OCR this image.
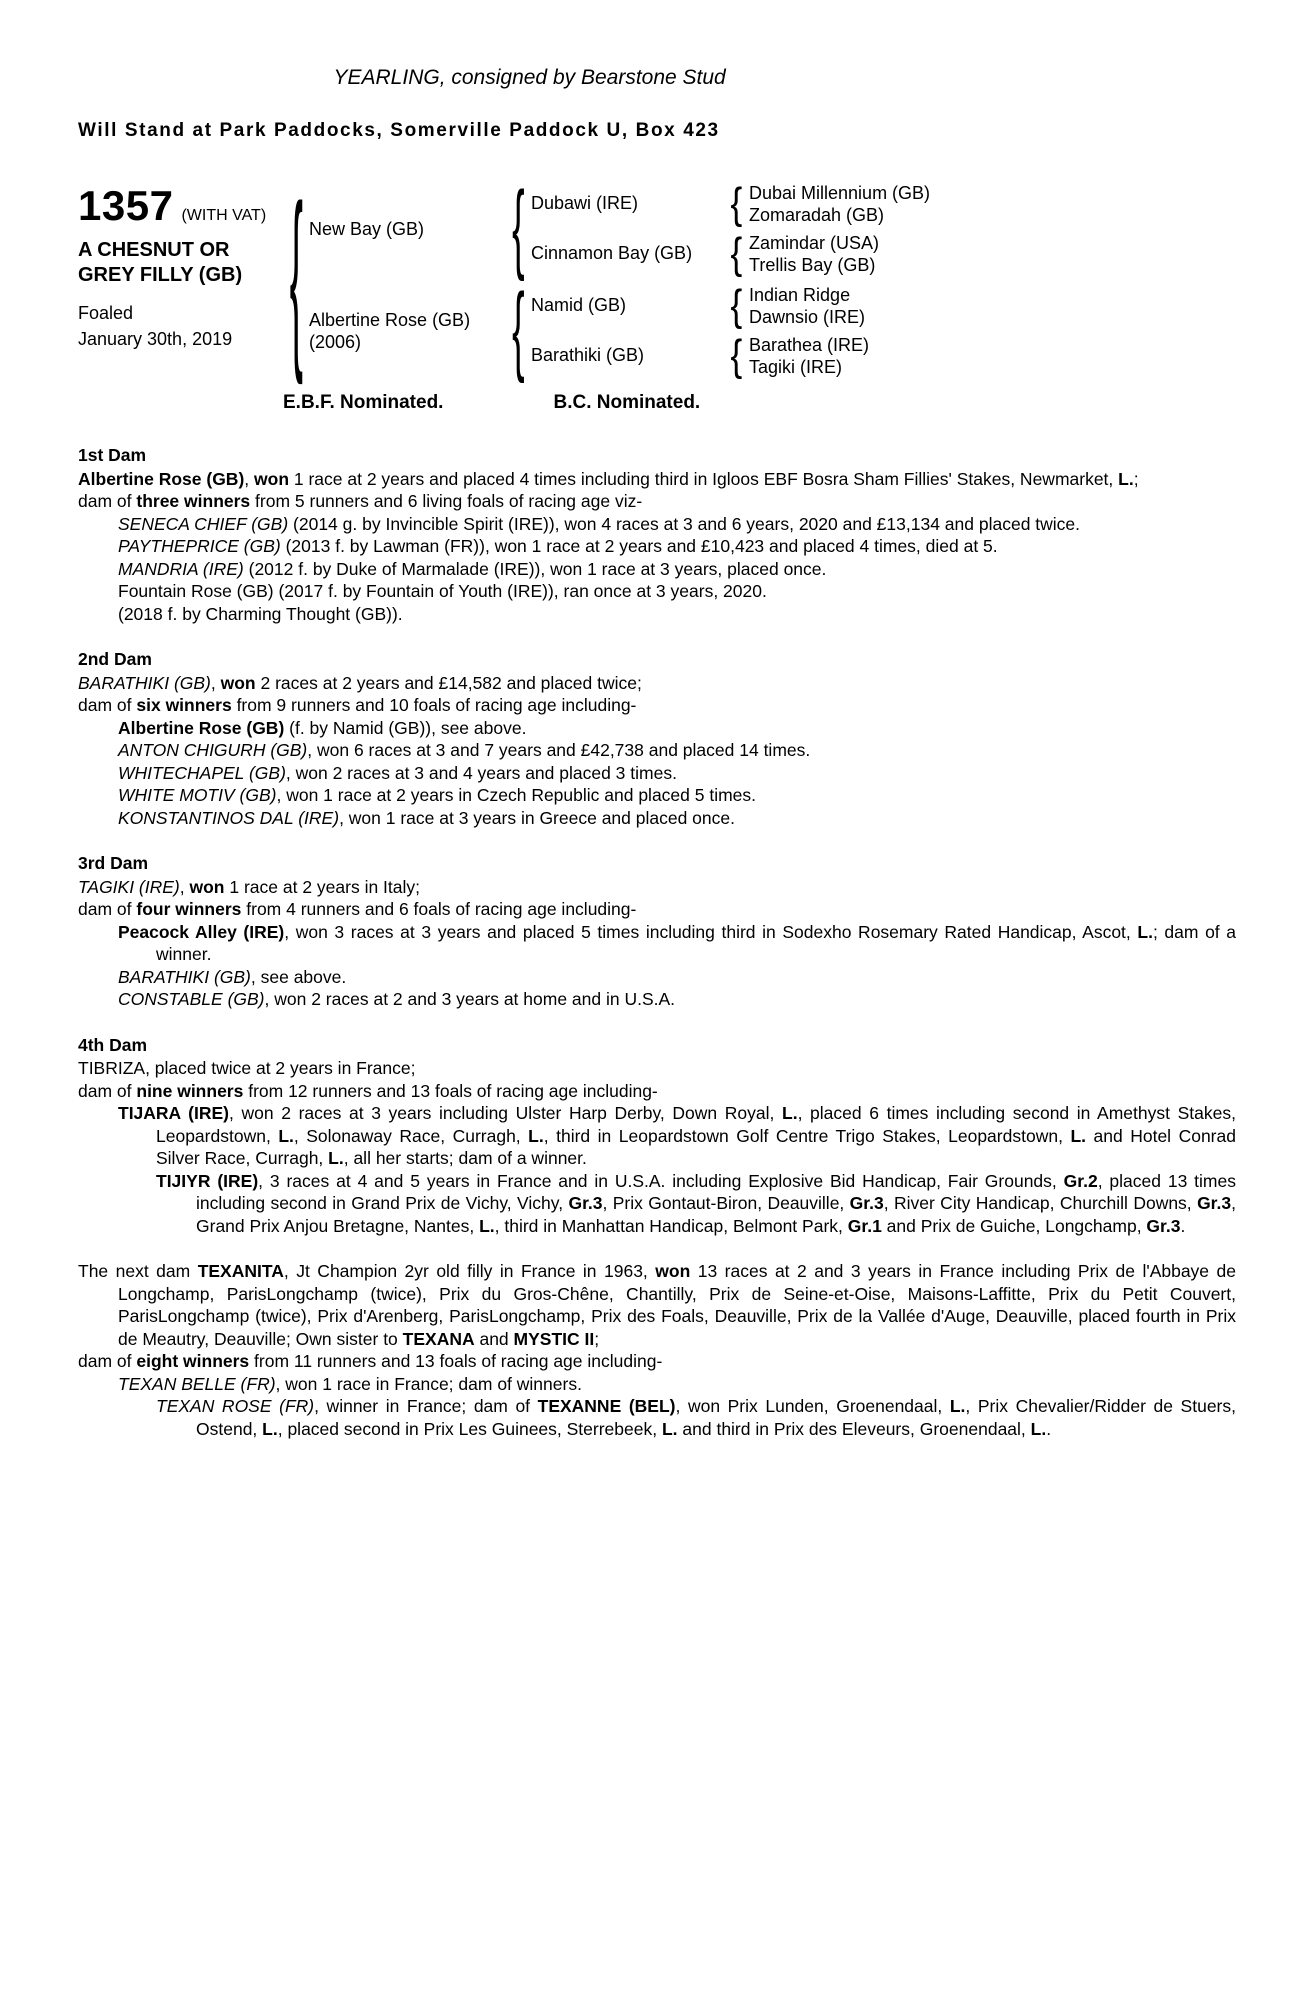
YEARLING, consigned by Bearstone Stud
Will Stand at Park Paddocks, Somerville Paddock U, Box 423
1357 (WITH VAT)
A CHESNUT OR
GREY FILLY (GB)
Foaled
January 30th, 2019
{
New Bay (GB)
{
Dubawi (IRE)
{
Dubai Millennium (GB)
Zomaradah (GB)
Cinnamon Bay (GB)
{
Zamindar (USA)
Trellis Bay (GB)
Albertine Rose (GB)
(2006)
{
Namid (GB)
{
Indian Ridge
Dawnsio (IRE)
Barathiki (GB)
{
Barathea (IRE)
Tagiki (IRE)
E.B.F. Nominated.	B.C. Nominated.
1st Dam

Albertine Rose (GB), won 1 race at 2 years and placed 4 times including third in Igloos EBF Bosra Sham Fillies' Stakes, Newmarket, L.;

dam of three winners from 5 runners and 6 living foals of racing age viz-

SENECA CHIEF (GB) (2014 g. by Invincible Spirit (IRE)), won 4 races at 3 and 6 years, 2020 and £13,134 and placed twice.

PAYTHEPRICE (GB) (2013 f. by Lawman (FR)), won 1 race at 2 years and £10,423 and placed 4 times, died at 5.

MANDRIA (IRE) (2012 f. by Duke of Marmalade (IRE)), won 1 race at 3 years, placed once.

Fountain Rose (GB) (2017 f. by Fountain of Youth (IRE)), ran once at 3 years, 2020.

(2018 f. by Charming Thought (GB)).

2nd Dam

BARATHIKI (GB), won 2 races at 2 years and £14,582 and placed twice;

dam of six winners from 9 runners and 10 foals of racing age including-

Albertine Rose (GB) (f. by Namid (GB)), see above.

ANTON CHIGURH (GB), won 6 races at 3 and 7 years and £42,738 and placed 14 times.

WHITECHAPEL (GB), won 2 races at 3 and 4 years and placed 3 times.

WHITE MOTIV (GB), won 1 race at 2 years in Czech Republic and placed 5 times.

KONSTANTINOS DAL (IRE), won 1 race at 3 years in Greece and placed once.

3rd Dam

TAGIKI (IRE), won 1 race at 2 years in Italy;

dam of four winners from 4 runners and 6 foals of racing age including-

Peacock Alley (IRE), won 3 races at 3 years and placed 5 times including third in Sodexho Rosemary Rated Handicap, Ascot, L.; dam of a winner.

BARATHIKI (GB), see above.

CONSTABLE (GB), won 2 races at 2 and 3 years at home and in U.S.A.

4th Dam

TIBRIZA, placed twice at 2 years in France;

dam of nine winners from 12 runners and 13 foals of racing age including-

TIJARA (IRE), won 2 races at 3 years including Ulster Harp Derby, Down Royal, L., placed 6 times including second in Amethyst Stakes, Leopardstown, L., Solonaway Race, Curragh, L., third in Leopardstown Golf Centre Trigo Stakes, Leopardstown, L. and Hotel Conrad Silver Race, Curragh, L., all her starts; dam of a winner.

TIJIYR (IRE), 3 races at 4 and 5 years in France and in U.S.A. including Explosive Bid Handicap, Fair Grounds, Gr.2, placed 13 times including second in Grand Prix de Vichy, Vichy, Gr.3, Prix Gontaut-Biron, Deauville, Gr.3, River City Handicap, Churchill Downs, Gr.3, Grand Prix Anjou Bretagne, Nantes, L., third in Manhattan Handicap, Belmont Park, Gr.1 and Prix de Guiche, Longchamp, Gr.3.

The next dam TEXANITA, Jt Champion 2yr old filly in France in 1963, won 13 races at 2 and 3 years in France including Prix de l'Abbaye de Longchamp, ParisLongchamp (twice), Prix du Gros-Chêne, Chantilly, Prix de Seine-et-Oise, Maisons-Laffitte, Prix du Petit Couvert, ParisLongchamp (twice), Prix d'Arenberg, ParisLongchamp, Prix des Foals, Deauville, Prix de la Vallée d'Auge, Deauville, placed fourth in Prix de Meautry, Deauville; Own sister to TEXANA and MYSTIC II;

dam of eight winners from 11 runners and 13 foals of racing age including-

TEXAN BELLE (FR), won 1 race in France; dam of winners.

TEXAN ROSE (FR), winner in France; dam of TEXANNE (BEL), won Prix Lunden, Groenendaal, L., Prix Chevalier/Ridder de Stuers, Ostend, L., placed second in Prix Les Guinees, Sterrebeek, L. and third in Prix des Eleveurs, Groenendaal, L..
